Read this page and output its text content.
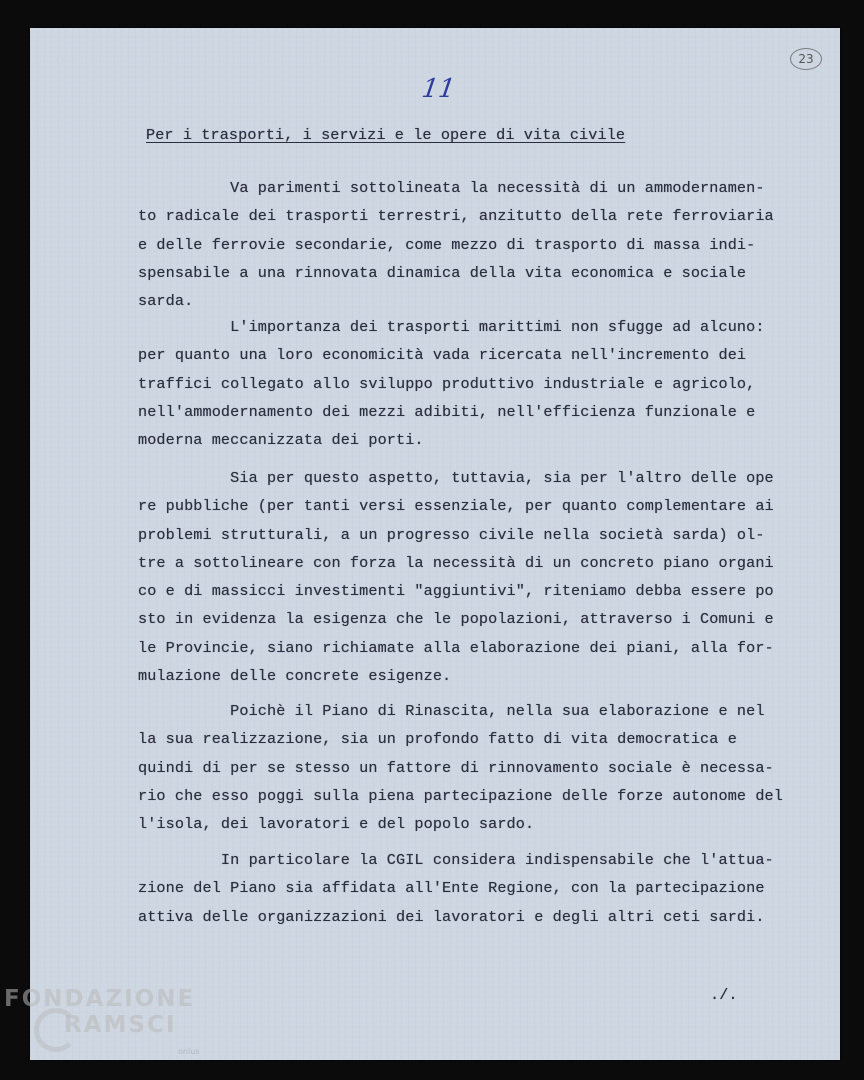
. . .	23
11
Per i trasporti, i servizi e le opere di vita civile
Va parimenti sottolineata la necessità di un ammodernamen-
to radicale dei trasporti terrestri, anzitutto della rete ferroviaria
e delle ferrovie secondarie, come mezzo di trasporto di massa indi-
spensabile a una rinnovata dinamica della vita economica e sociale
sarda.
L'importanza dei trasporti marittimi non sfugge ad alcuno:
per quanto una loro economicità vada ricercata nell'incremento dei
traffici collegato allo sviluppo produttivo industriale e agricolo,
nell'ammodernamento dei mezzi adibiti, nell'efficienza funzionale e
moderna meccanizzata dei porti.
Sia per questo aspetto, tuttavia, sia per l'altro delle ope
re pubbliche (per tanti versi essenziale, per quanto complementare ai
problemi strutturali, a un progresso civile nella società sarda) ol-
tre a sottolineare con forza la necessità di un concreto piano organi
co e di massicci investimenti "aggiuntivi", riteniamo debba essere po
sto in evidenza la esigenza che le popolazioni, attraverso i Comuni e
le Provincie, siano richiamate alla elaborazione dei piani, alla for-
mulazione delle concrete esigenze.
Poichè il Piano di Rinascita, nella sua elaborazione e nel
la sua realizzazione, sia un profondo fatto di vita democratica e
quindi di per se stesso un fattore di rinnovamento sociale è necessa-
rio che esso poggi sulla piena partecipazione delle forze autonome del
l'isola, dei lavoratori e del popolo sardo.
In particolare la CGIL considera indispensabile che l'attua-
zione del Piano sia affidata all'Ente Regione, con la partecipazione
attiva delle organizzazioni dei lavoratori e degli altri ceti sardi.
./.
FONDAZIONE
RAMSCI
onlus
